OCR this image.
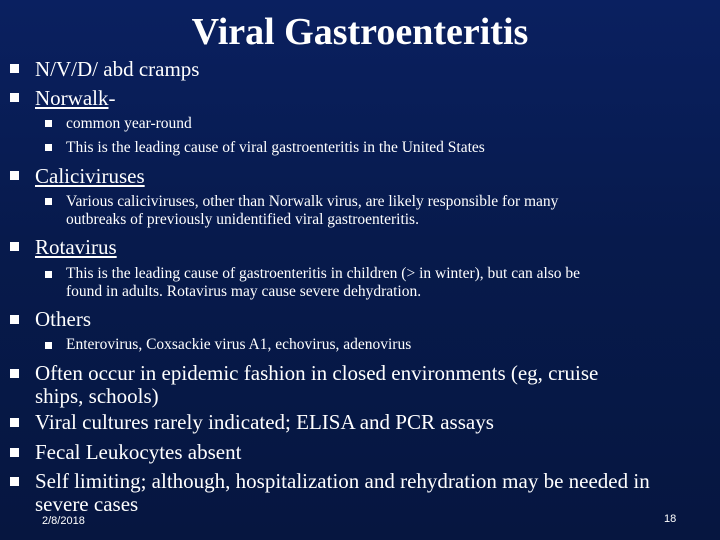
Viral Gastroenteritis
N/V/D/ abd cramps
Norwalk-
common year-round
This is the leading cause of viral gastroenteritis in the United States
Caliciviruses
Various caliciviruses, other than Norwalk virus, are likely responsible for many
outbreaks of previously unidentified viral gastroenteritis.
Rotavirus
This is the leading cause of gastroenteritis in children (> in winter), but can also be
found in adults. Rotavirus may cause severe dehydration.
Others
Enterovirus, Coxsackie virus A1, echovirus, adenovirus
Often occur in epidemic fashion in closed environments (eg, cruise
ships, schools)
Viral cultures rarely indicated; ELISA and PCR assays
Fecal Leukocytes absent
Self limiting; although, hospitalization and rehydration may be needed in
severe cases
2/8/2018	18
